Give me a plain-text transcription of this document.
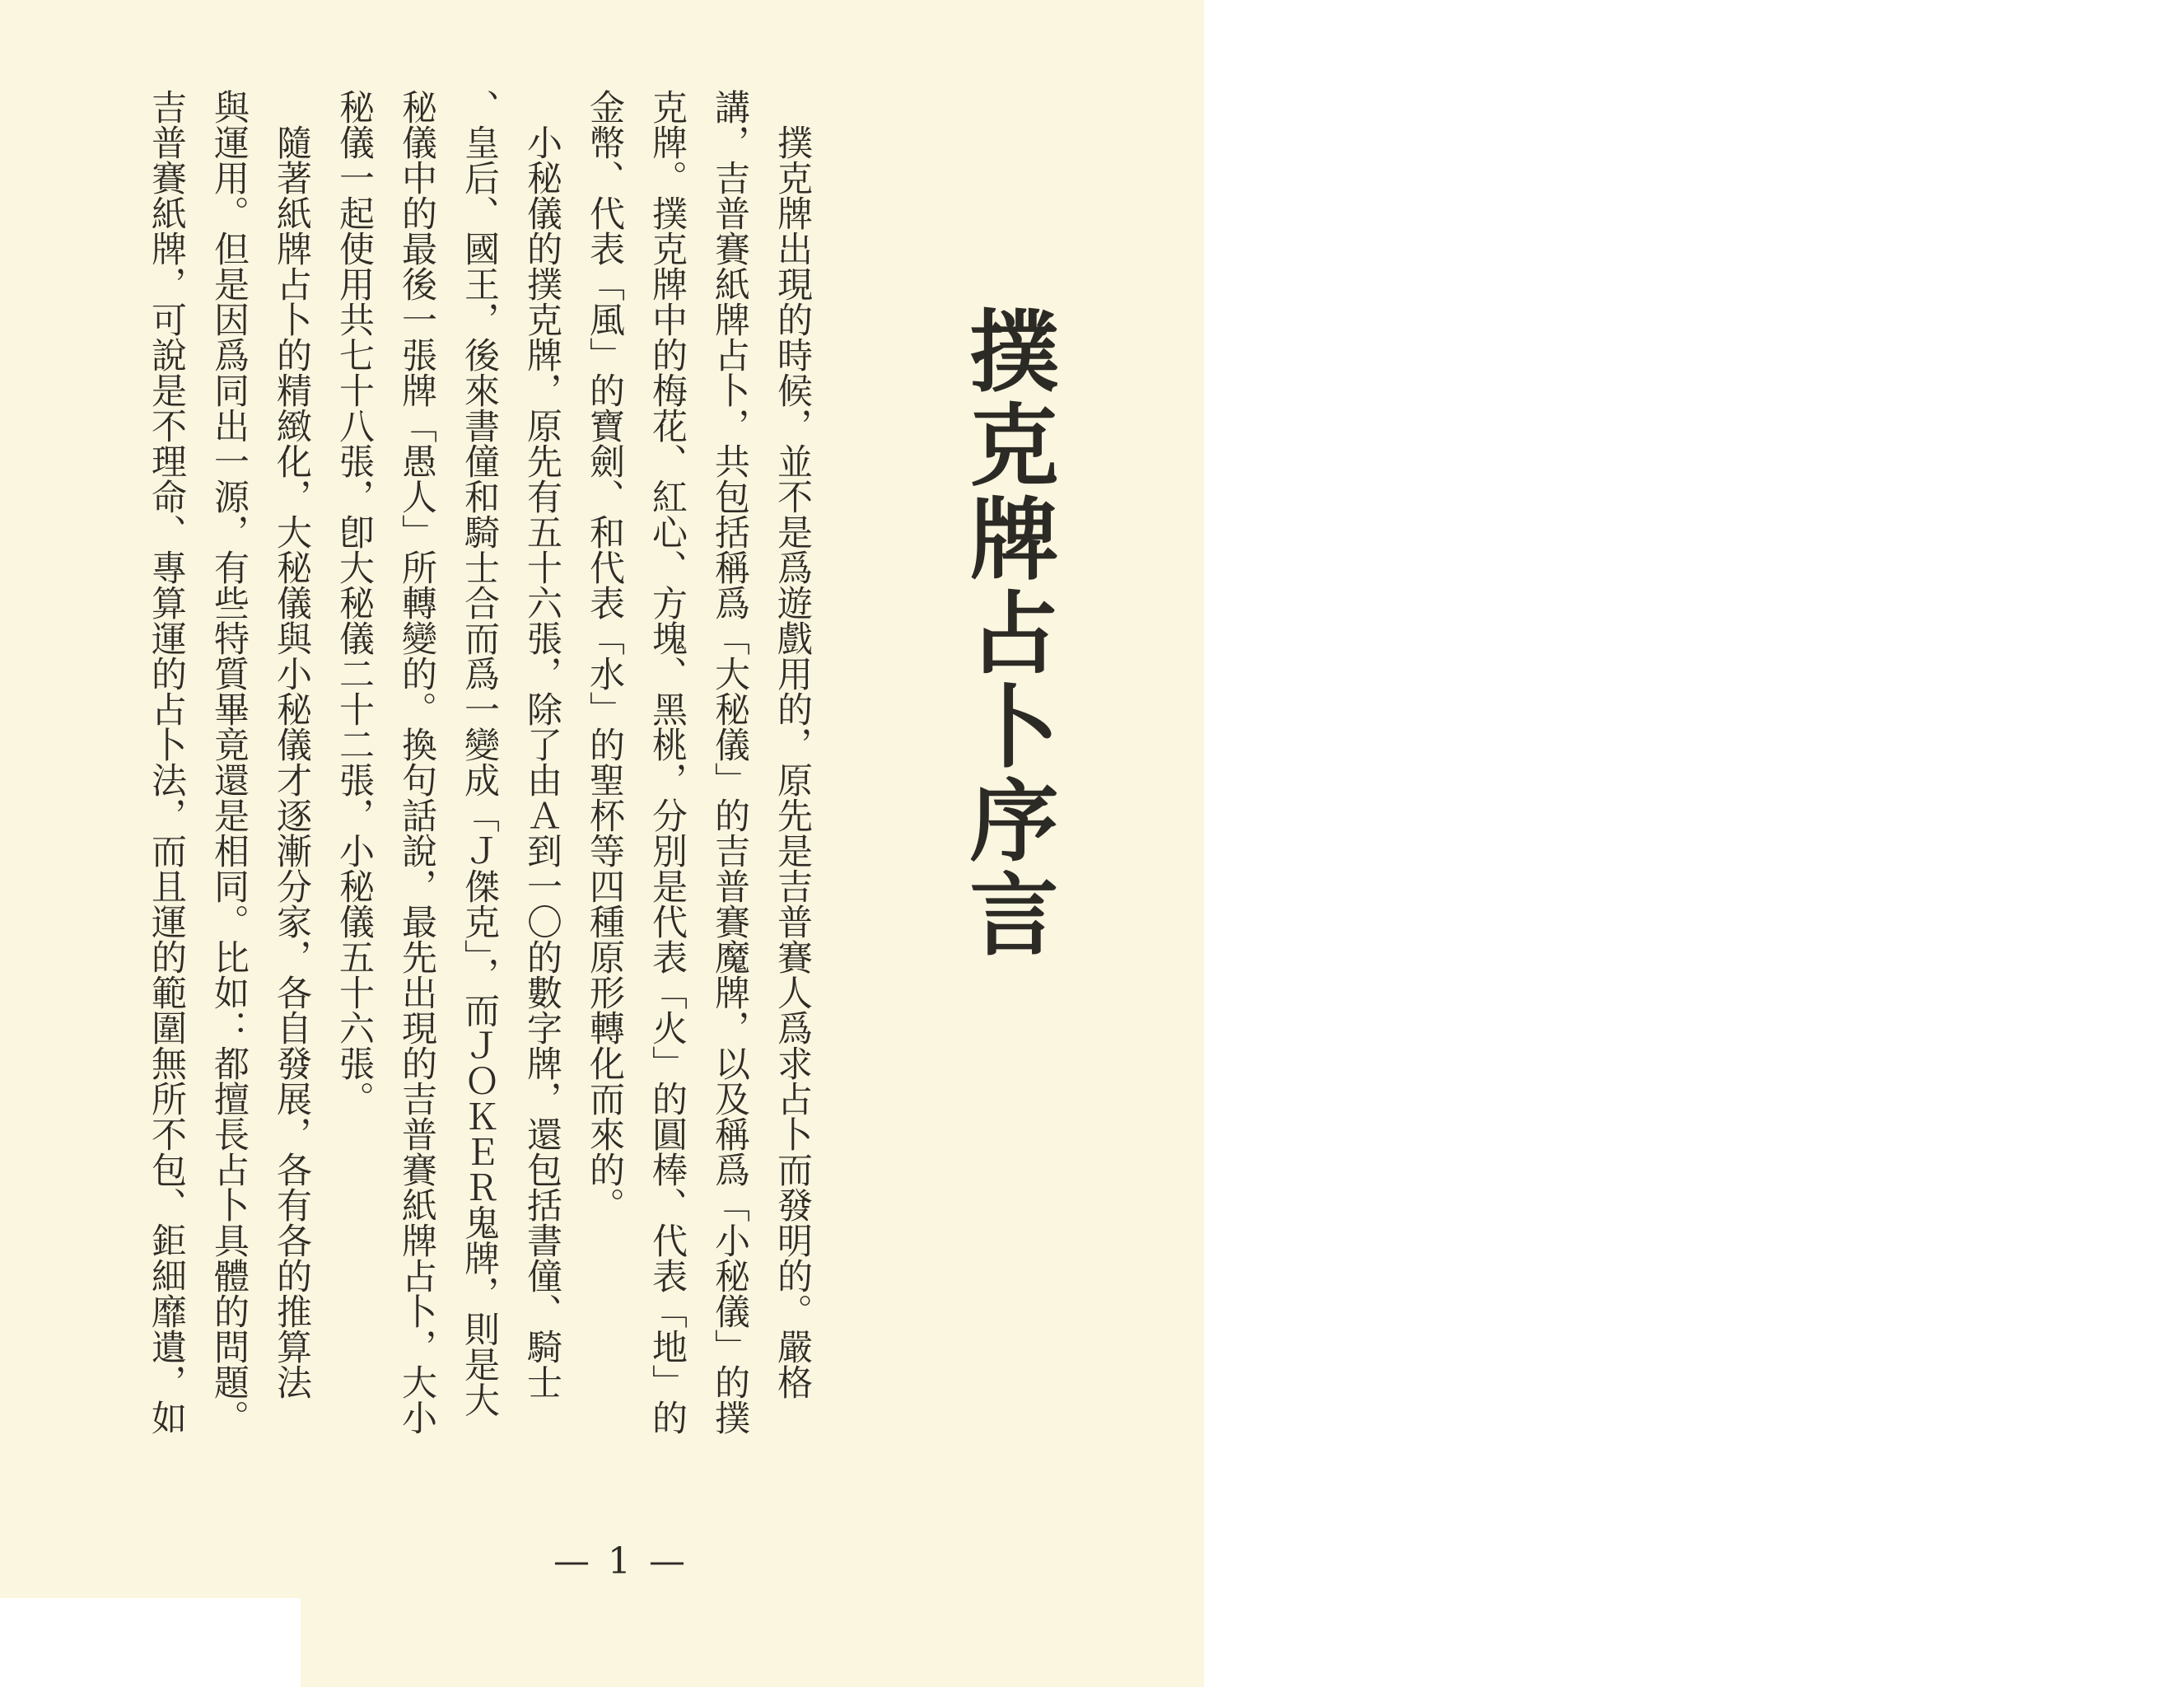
撲克牌占卜序言
　撲克牌出現的時候，並不是爲遊戲用的，原先是吉普賽人爲求占卜而發明的。嚴格
講，吉普賽紙牌占卜，共包括稱爲「大秘儀」的吉普賽魔牌，以及稱爲「小秘儀」的撲
克牌。撲克牌中的梅花、紅心、方塊、黑桃，分別是代表「火」的圓棒、代表「地」的
金幣、代表「風」的寶劍、和代表「水」的聖杯等四種原形轉化而來的。
　小秘儀的撲克牌，原先有五十六張，除了由Ａ到一〇的數字牌，還包括書僮、騎士
、皇后、國王，後來書僮和騎士合而爲一變成「Ｊ傑克」，而ＪＯＫＥＲ鬼牌，則是大
秘儀中的最後一張牌「愚人」所轉變的。換句話說，最先出現的吉普賽紙牌占卜，大小
秘儀一起使用共七十八張，卽大秘儀二十二張，小秘儀五十六張。
　隨著紙牌占卜的精緻化，大秘儀與小秘儀才逐漸分家，各自發展，各有各的推算法
與運用。但是因爲同出一源，有些特質畢竟還是相同。比如：都擅長占卜具體的問題。
吉普賽紙牌，可說是不理命、專算運的占卜法，而且運的範圍無所不包、鉅細靡遺，如
— 1 —
